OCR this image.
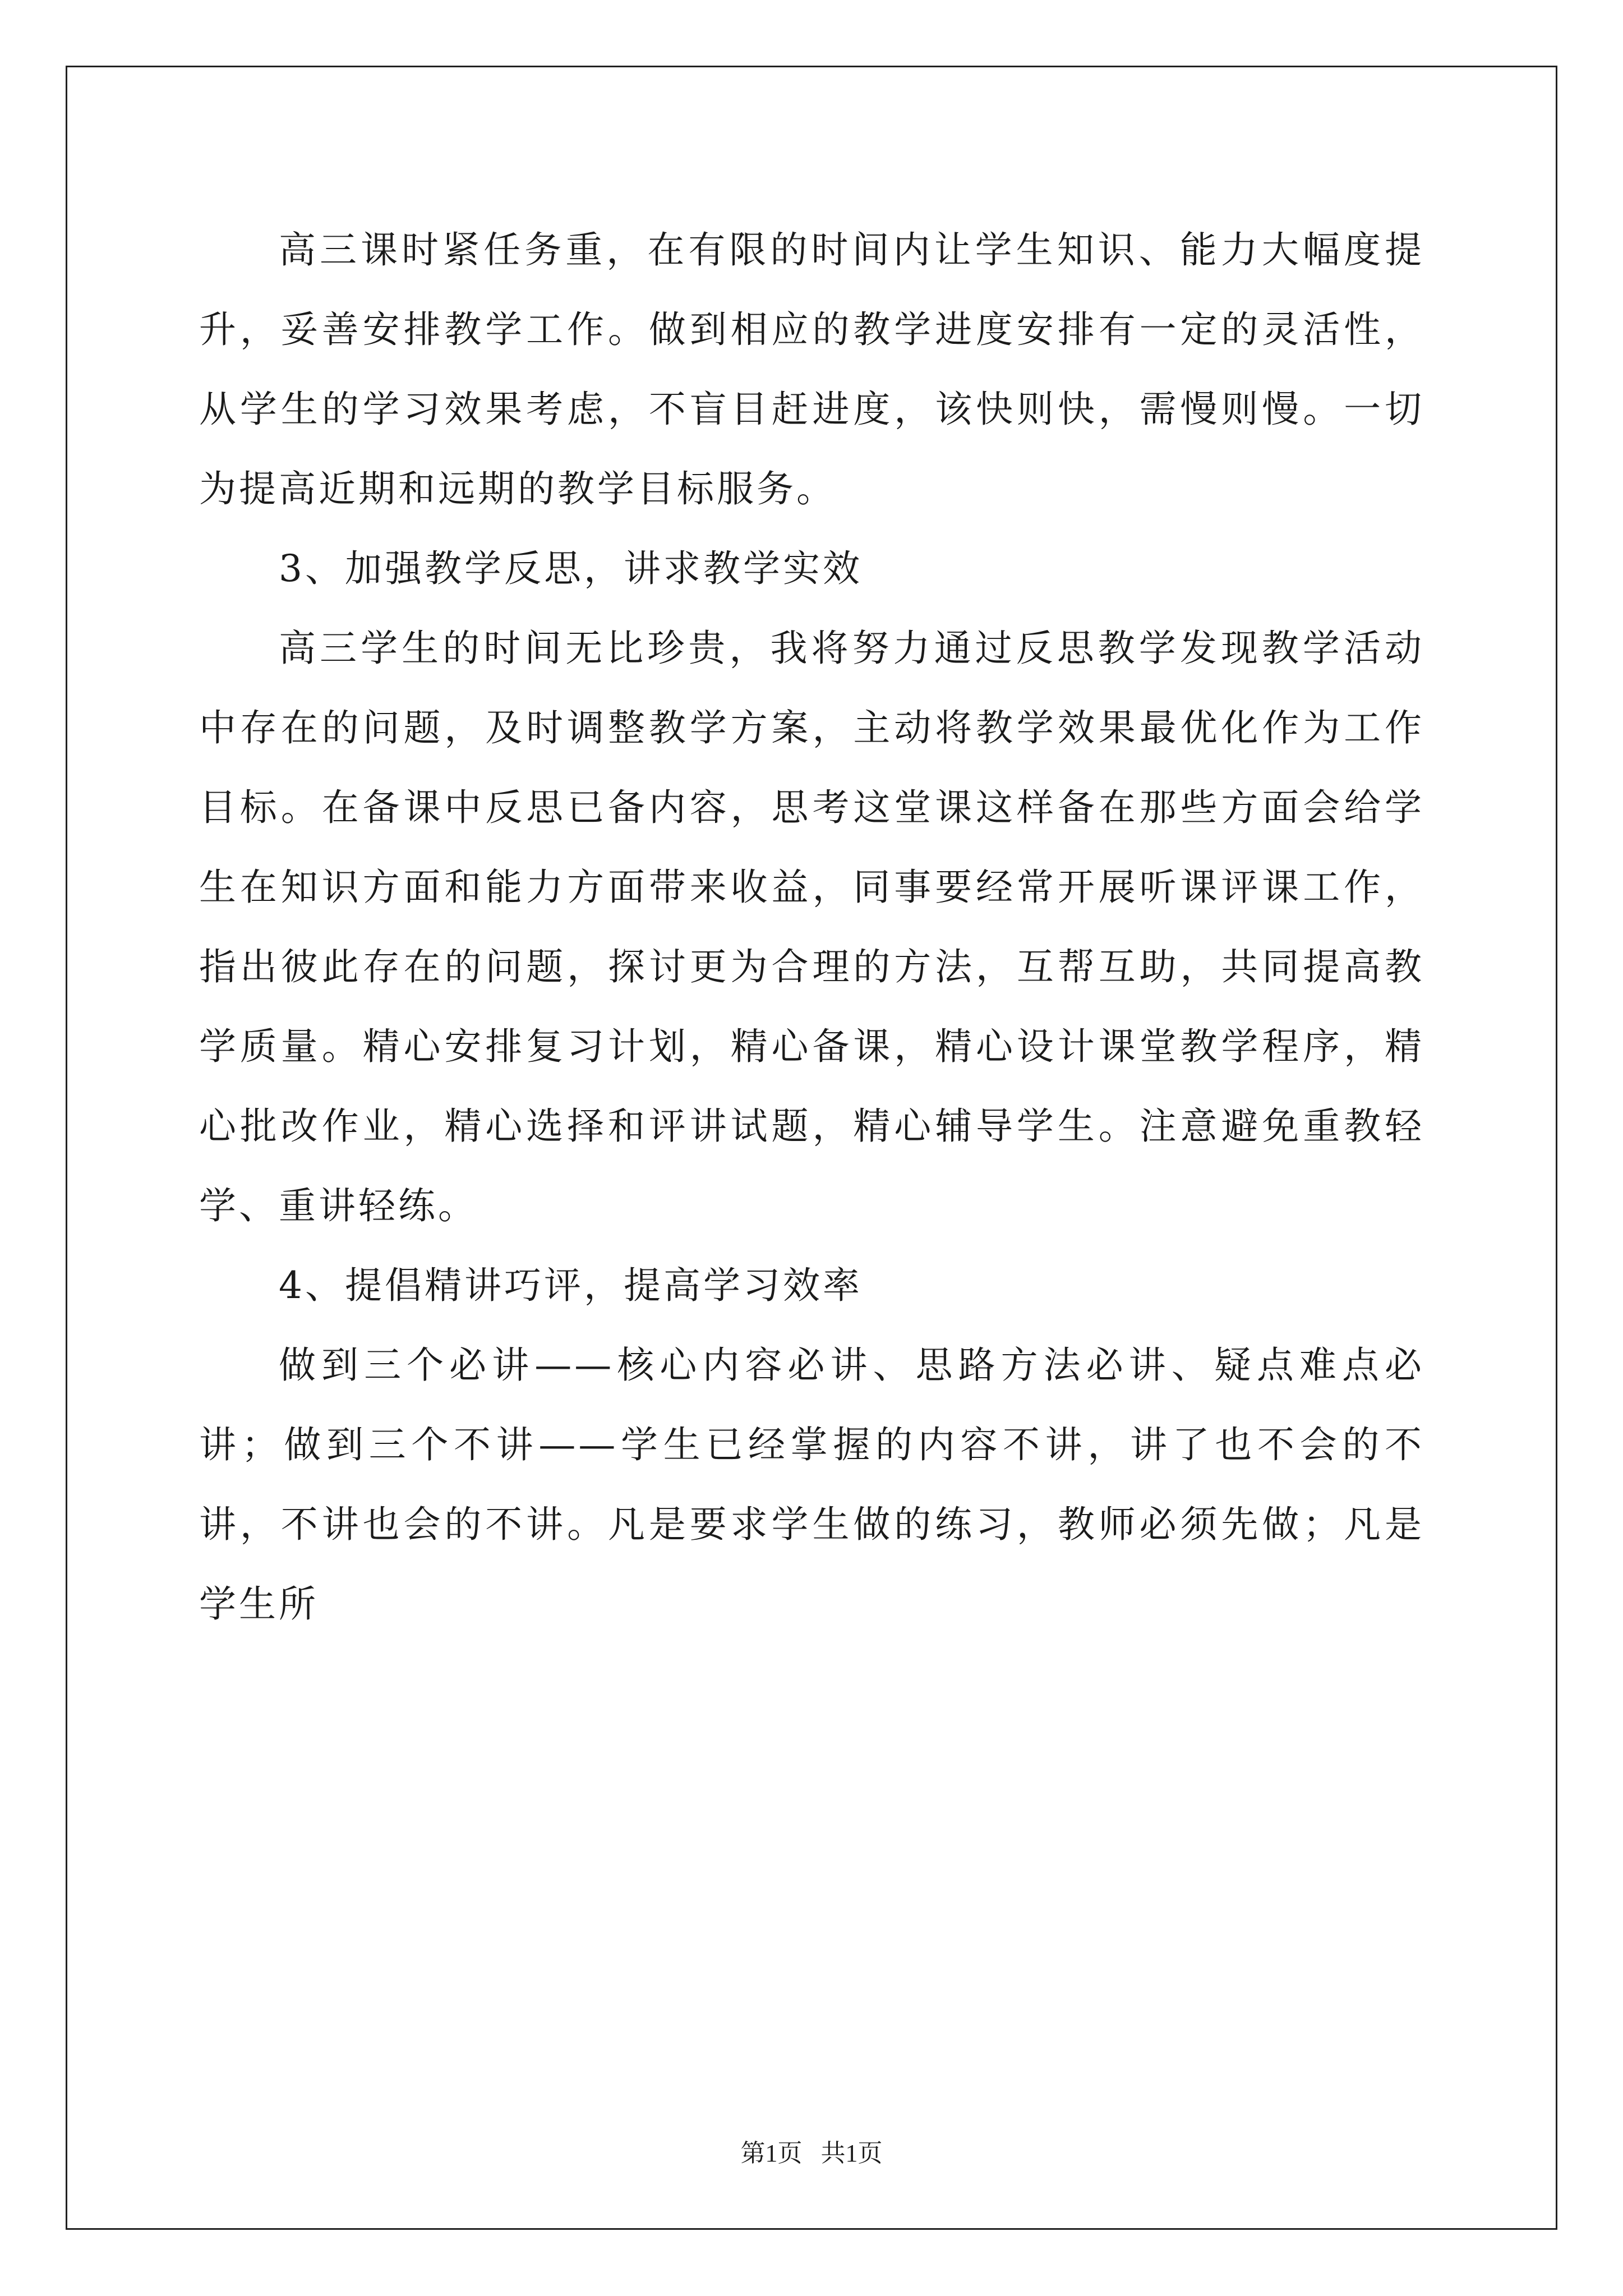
高三课时紧任务重，在有限的时间内让学生知识、能力大幅度提升，妥善安排教学工作。做到相应的教学进度安排有一定的灵活性，从学生的学习效果考虑，不盲目赶进度，该快则快，需慢则慢。一切为提高近期和远期的教学目标服务。

3、加强教学反思，讲求教学实效

高三学生的时间无比珍贵，我将努力通过反思教学发现教学活动中存在的问题，及时调整教学方案，主动将教学效果最优化作为工作目标。在备课中反思已备内容，思考这堂课这样备在那些方面会给学生在知识方面和能力方面带来收益，同事要经常开展听课评课工作，指出彼此存在的问题，探讨更为合理的方法，互帮互助，共同提高教学质量。精心安排复习计划，精心备课，精心设计课堂教学程序，精心批改作业，精心选择和评讲试题，精心辅导学生。注意避免重教轻学、重讲轻练。

4、提倡精讲巧评，提高学习效率

做到三个必讲——核心内容必讲、思路方法必讲、疑点难点必讲；做到三个不讲——学生已经掌握的内容不讲，讲了也不会的不讲，不讲也会的不讲。凡是要求学生做的练习，教师必须先做；凡是学生所

第1页   共1页
